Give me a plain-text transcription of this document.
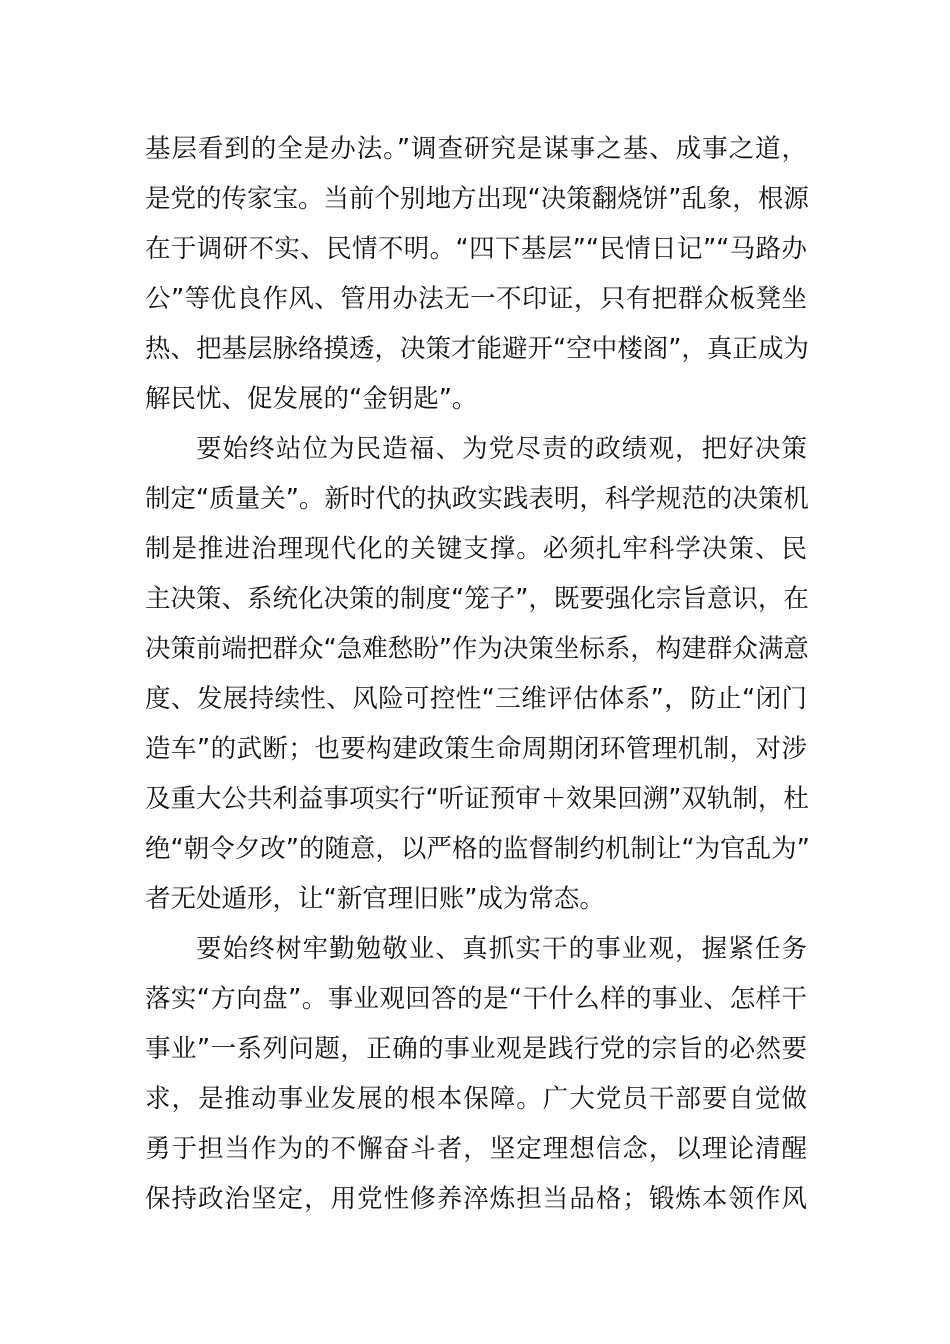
基层看到的全是办法。”调查研究是谋事之基、成事之道，
是党的传家宝。当前个别地方出现“决策翻烧饼”乱象，根源
在于调研不实、民情不明。“四下基层”“民情日记”“马路办
公”等优良作风、管用办法无一不印证，只有把群众板凳坐
热、把基层脉络摸透，决策才能避开“空中楼阁”，真正成为
解民忧、促发展的“金钥匙”。
要始终站位为民造福、为党尽责的政绩观，把好决策
制定“质量关”。新时代的执政实践表明，科学规范的决策机
制是推进治理现代化的关键支撑。必须扎牢科学决策、民
主决策、系统化决策的制度“笼子”，既要强化宗旨意识，在
决策前端把群众“急难愁盼”作为决策坐标系，构建群众满意
度、发展持续性、风险可控性“三维评估体系”，防止“闭门
造车”的武断；也要构建政策生命周期闭环管理机制，对涉
及重大公共利益事项实行“听证预审＋效果回溯”双轨制，杜
绝“朝令夕改”的随意，以严格的监督制约机制让“为官乱为”
者无处遁形，让“新官理旧账”成为常态。
要始终树牢勤勉敬业、真抓实干的事业观，握紧任务
落实“方向盘”。事业观回答的是“干什么样的事业、怎样干
事业”一系列问题，正确的事业观是践行党的宗旨的必然要
求，是推动事业发展的根本保障。广大党员干部要自觉做
勇于担当作为的不懈奋斗者，坚定理想信念，以理论清醒
保持政治坚定，用党性修养淬炼担当品格；锻炼本领作风
